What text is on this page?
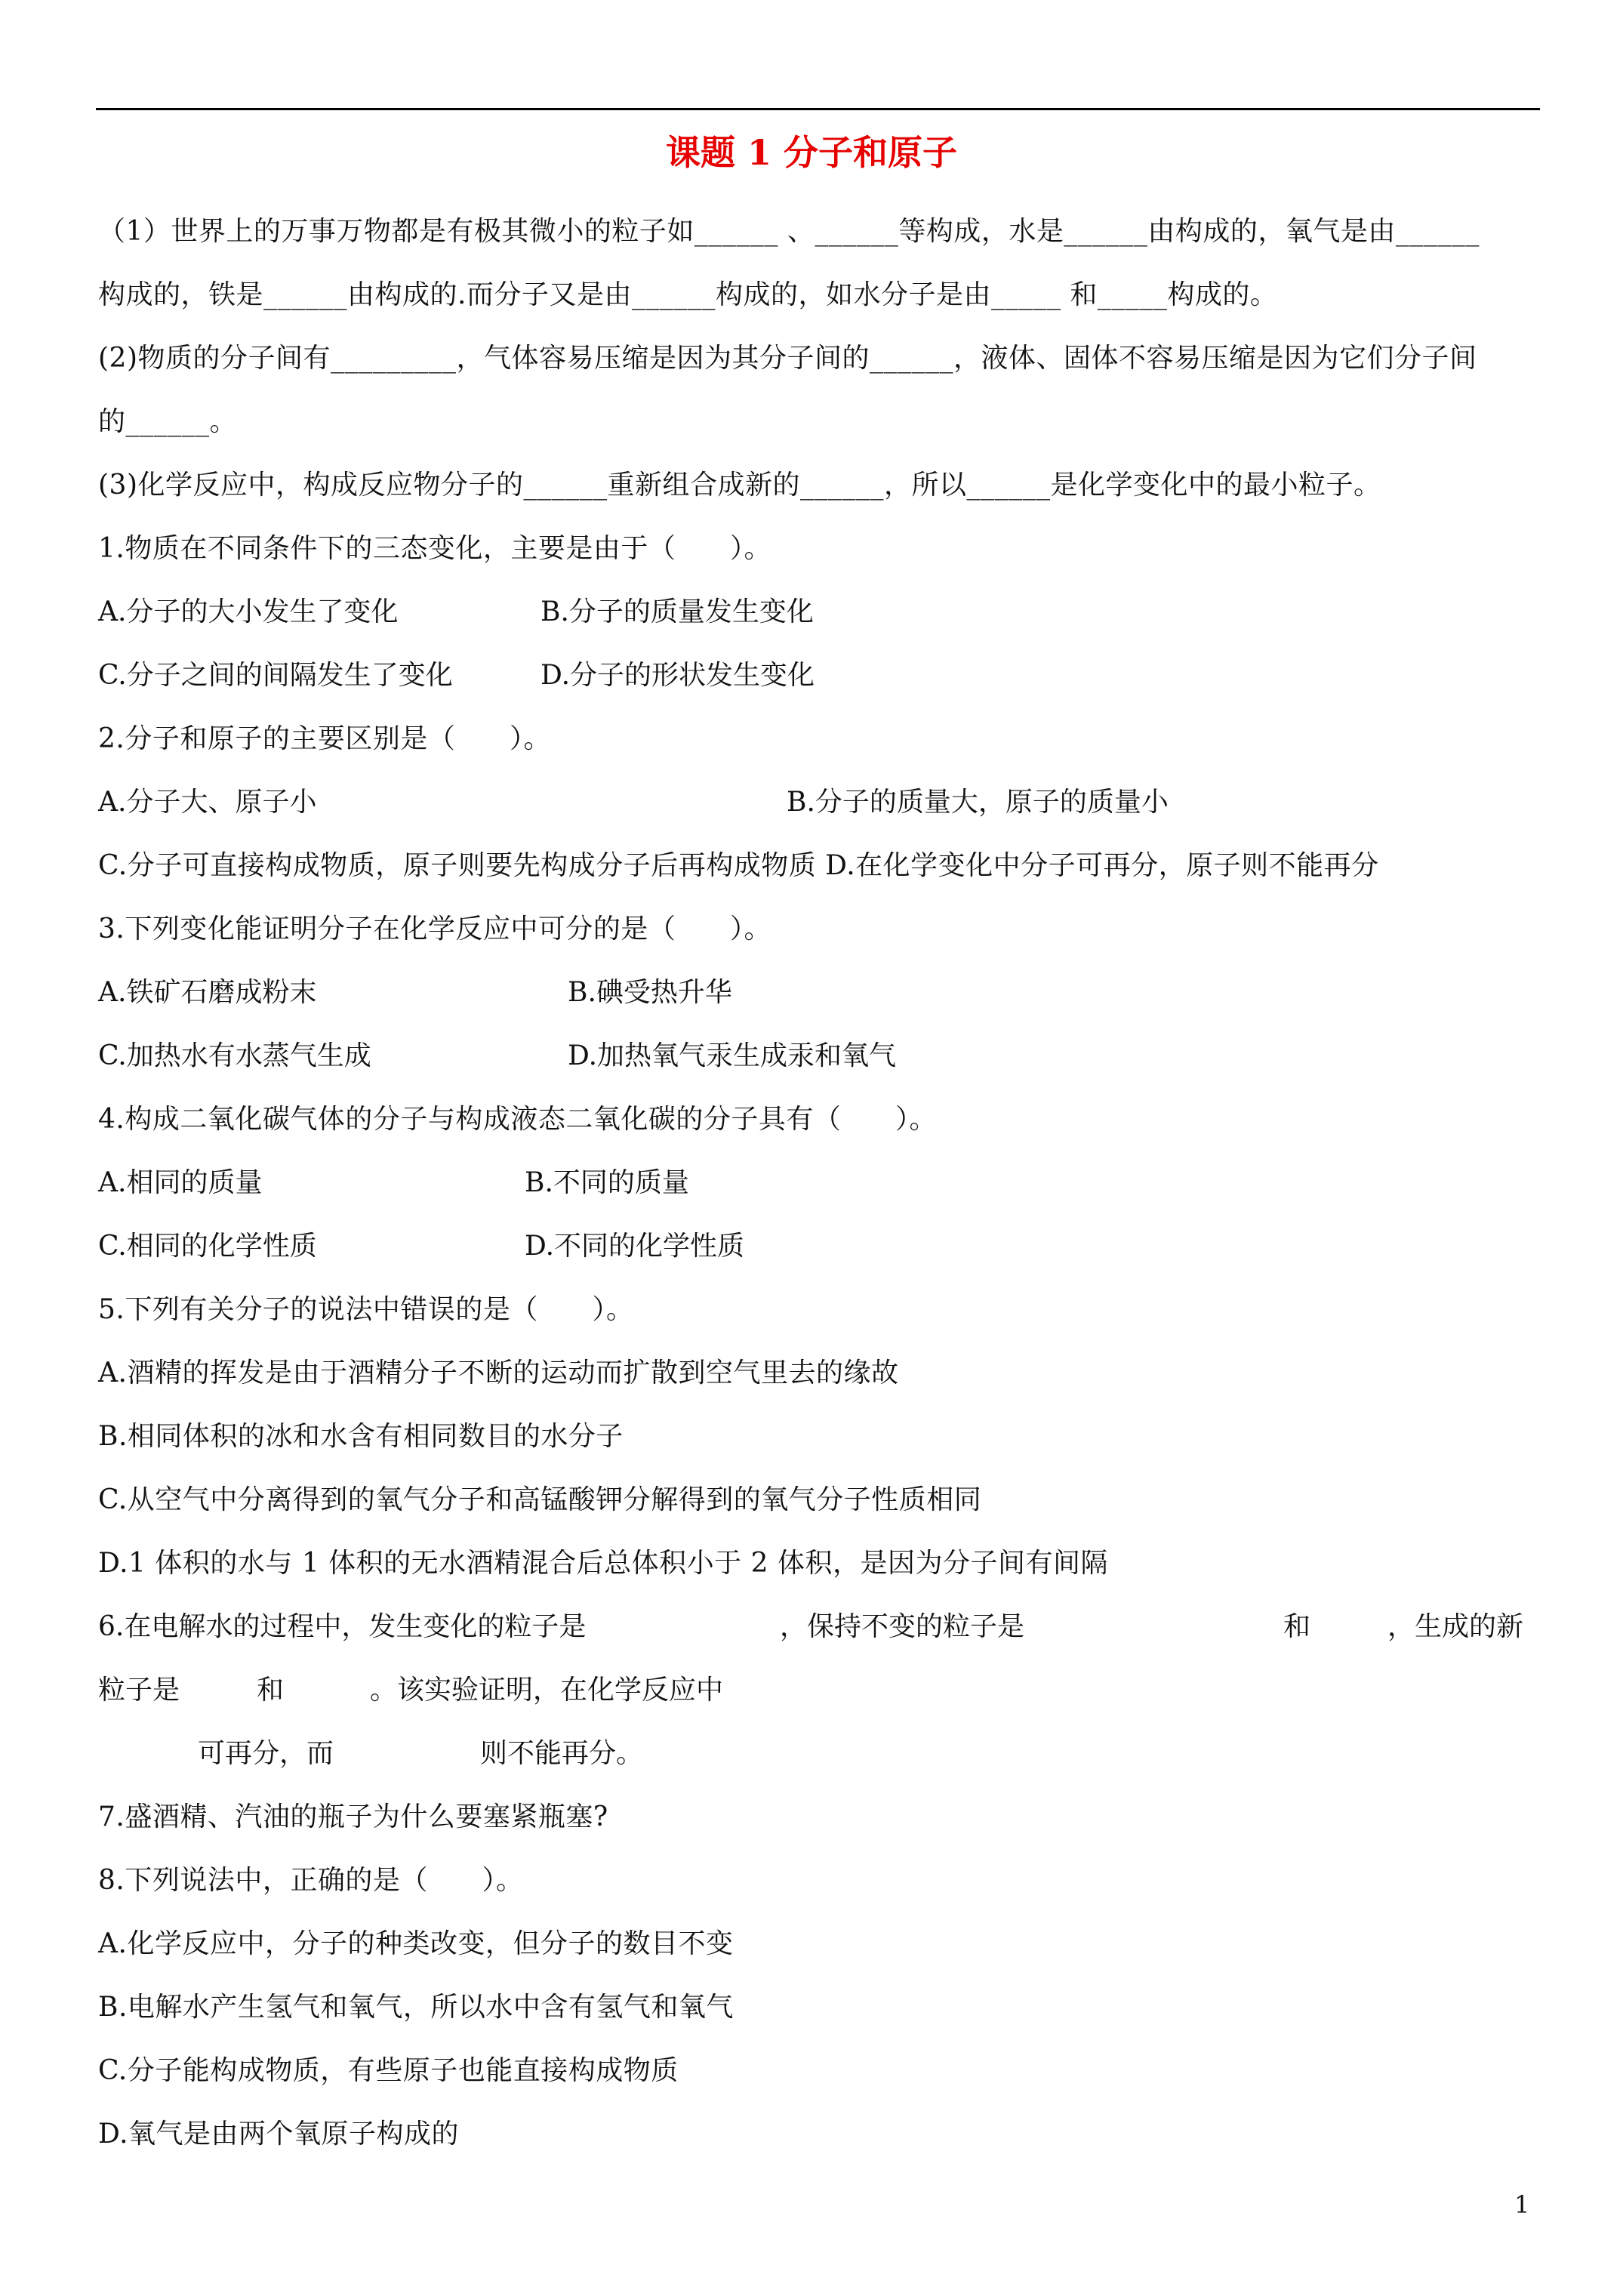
课题 1 分子和原子
（1）世界上的万事万物都是有极其微小的粒子如______ 、______等构成，水是______由构成的，氧气是由______
构成的，铁是______由构成的.而分子又是由______构成的，如水分子是由_____ 和_____构成的。
(2)物质的分子间有_________，气体容易压缩是因为其分子间的______，液体、固体不容易压缩是因为它们分子间
的______。
(3)化学反应中，构成反应物分子的______重新组合成新的______，所以______是化学变化中的最小粒子。
1.物质在不同条件下的三态变化，主要是由于（      ）。
A.分子的大小发生了变化	B.分子的质量发生变化
C.分子之间的间隔发生了变化	D.分子的形状发生变化
2.分子和原子的主要区别是（      ）。
A.分子大、原子小	B.分子的质量大，原子的质量小
C.分子可直接构成物质，原子则要先构成分子后再构成物质 D.在化学变化中分子可再分，原子则不能再分
3.下列变化能证明分子在化学反应中可分的是（      ）。
A.铁矿石磨成粉末	B.碘受热升华
C.加热水有水蒸气生成	D.加热氧气汞生成汞和氧气
4.构成二氧化碳气体的分子与构成液态二氧化碳的分子具有（      ）。
A.相同的质量	B.不同的质量
C.相同的化学性质	D.不同的化学性质
5.下列有关分子的说法中错误的是（      ）。
A.酒精的挥发是由于酒精分子不断的运动而扩散到空气里去的缘故
B.相同体积的冰和水含有相同数目的水分子
C.从空气中分离得到的氧气分子和高锰酸钾分解得到的氧气分子性质相同
D.1 体积的水与 1 体积的无水酒精混合后总体积小于 2 体积，是因为分子间有间隔
6.在电解水的过程中，发生变化的粒子是	，保持不变的粒子是	和	，生成的新
粒子是	和	。该实验证明，在化学反应中
可再分，而	则不能再分。
7.盛酒精、汽油的瓶子为什么要塞紧瓶塞?
8.下列说法中，正确的是（      ）。
A.化学反应中，分子的种类改变，但分子的数目不变
B.电解水产生氢气和氧气，所以水中含有氢气和氧气
C.分子能构成物质，有些原子也能直接构成物质
D.氧气是由两个氧原子构成的
1
